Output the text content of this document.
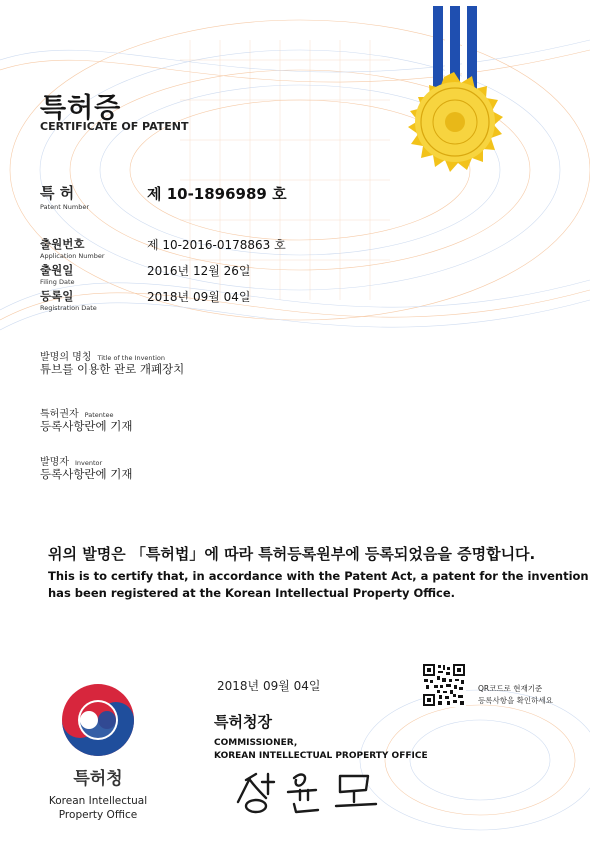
특허증
CERTIFICATE OF PATENT
특 허
Patent Number
제 10-1896989 호
출원번호
Application Number
제 10-2016-0178863 호
출원일
Filing Date
2016년 12월 26일
등록일
Registration Date
2018년 09월 04일
발명의 명칭 Title of the Invention
튜브를 이용한 관로 개폐장치
특허권자 Patentee
등록사항란에 기재
발명자 Inventor
등록사항란에 기재
위의 발명은 「특허법」에 따라 특허등록원부에 등록되었음을 증명합니다.
This is to certify that, in accordance with the Patent Act, a patent for the invention
has been registered at the Korean Intellectual Property Office.
2018년 09월 04일	QR코드로 현재기준
등록사항을 확인하세요
특허청장
COMMISSIONER,
KOREAN INTELLECTUAL PROPERTY OFFICE
특허청
Korean Intellectual
Property Office
